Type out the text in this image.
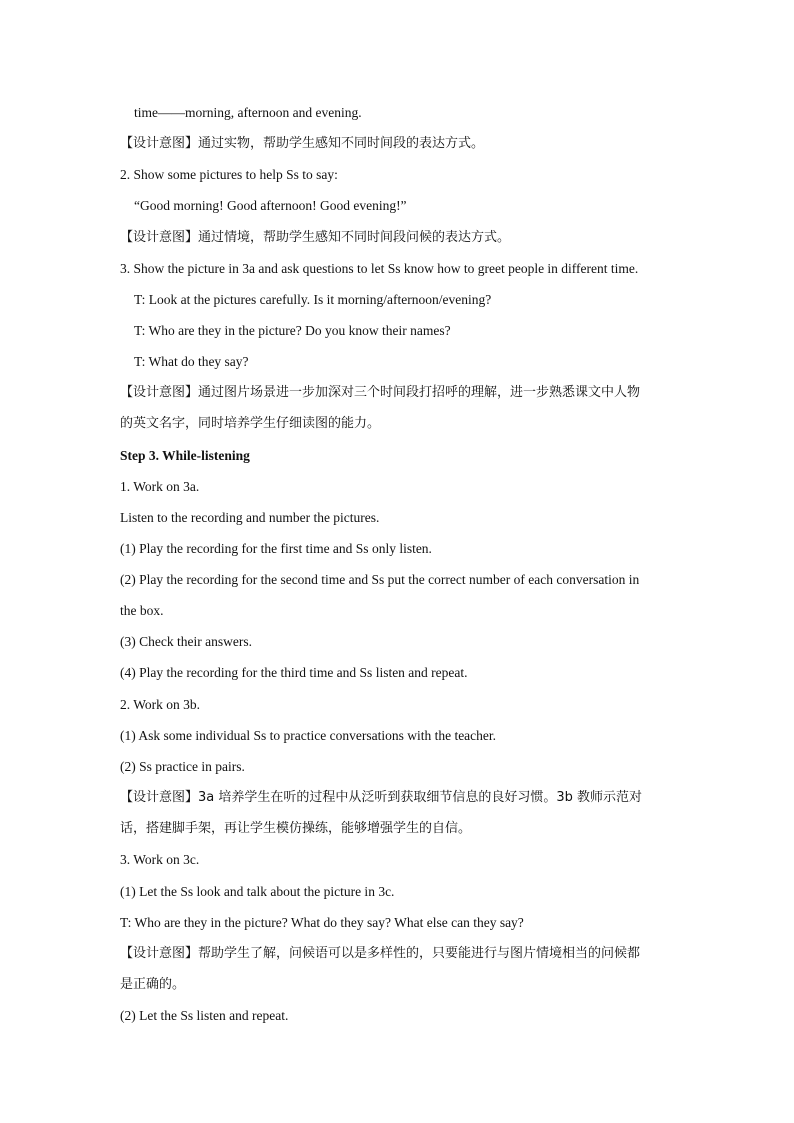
time——morning, afternoon and evening.
【设计意图】通过实物，帮助学生感知不同时间段的表达方式。
2. Show some pictures to help Ss to say:
“Good morning! Good afternoon! Good evening!”
【设计意图】通过情境，帮助学生感知不同时间段问候的表达方式。
3. Show the picture in 3a and ask questions to let Ss know how to greet people in different time.
T: Look at the pictures carefully. Is it morning/afternoon/evening?
T: Who are they in the picture? Do you know their names?
T: What do they say?
【设计意图】通过图片场景进一步加深对三个时间段打招呼的理解，进一步熟悉课文中人物
的英文名字，同时培养学生仔细读图的能力。
Step 3. While-listening
1. Work on 3a.
Listen to the recording and number the pictures.
(1) Play the recording for the first time and Ss only listen.
(2) Play the recording for the second time and Ss put the correct number of each conversation in
the box.
(3) Check their answers.
(4) Play the recording for the third time and Ss listen and repeat.
2. Work on 3b.
(1) Ask some individual Ss to practice conversations with the teacher.
(2) Ss practice in pairs.
【设计意图】3a 培养学生在听的过程中从泛听到获取细节信息的良好习惯。3b 教师示范对
话，搭建脚手架，再让学生模仿操练，能够增强学生的自信。
3. Work on 3c.
(1) Let the Ss look and talk about the picture in 3c.
T: Who are they in the picture? What do they say? What else can they say?
【设计意图】帮助学生了解，问候语可以是多样性的，只要能进行与图片情境相当的问候都
是正确的。
(2) Let the Ss listen and repeat.
